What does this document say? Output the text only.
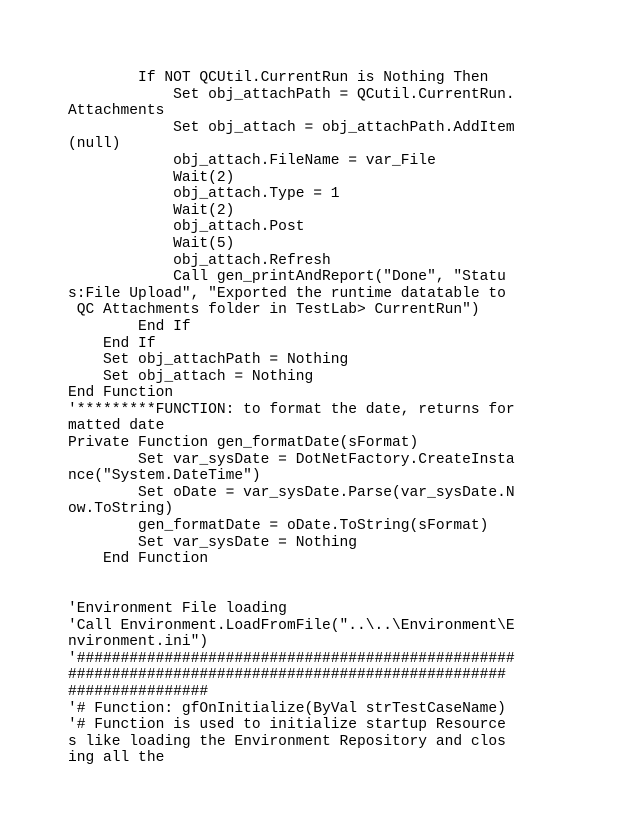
If NOT QCUtil.CurrentRun is Nothing Then
Set obj_attachPath = QCutil.CurrentRun.
Attachments
Set obj_attach = obj_attachPath.AddItem
(null)
obj_attach.FileName = var_File
Wait(2)
obj_attach.Type = 1
Wait(2)
obj_attach.Post
Wait(5)
obj_attach.Refresh
Call gen_printAndReport("Done", "Statu
s:File Upload", "Exported the runtime datatable to
QC Attachments folder in TestLab> CurrentRun")
End If
End If
Set obj_attachPath = Nothing
Set obj_attach = Nothing
End Function
'*********FUNCTION: to format the date, returns for
matted date
Private Function gen_formatDate(sFormat)
Set var_sysDate = DotNetFactory.CreateInsta
nce("System.DateTime")
Set oDate = var_sysDate.Parse(var_sysDate.N
ow.ToString)
gen_formatDate = oDate.ToString(sFormat)
Set var_sysDate = Nothing
End Function
'Environment File loading
'Call Environment.LoadFromFile("..\..\Environment\E
nvironment.ini")
'##################################################
##################################################
################
'# Function: gfOnInitialize(ByVal strTestCaseName)
'# Function is used to initialize startup Resource
s like loading the Environment Repository and clos
ing all the
